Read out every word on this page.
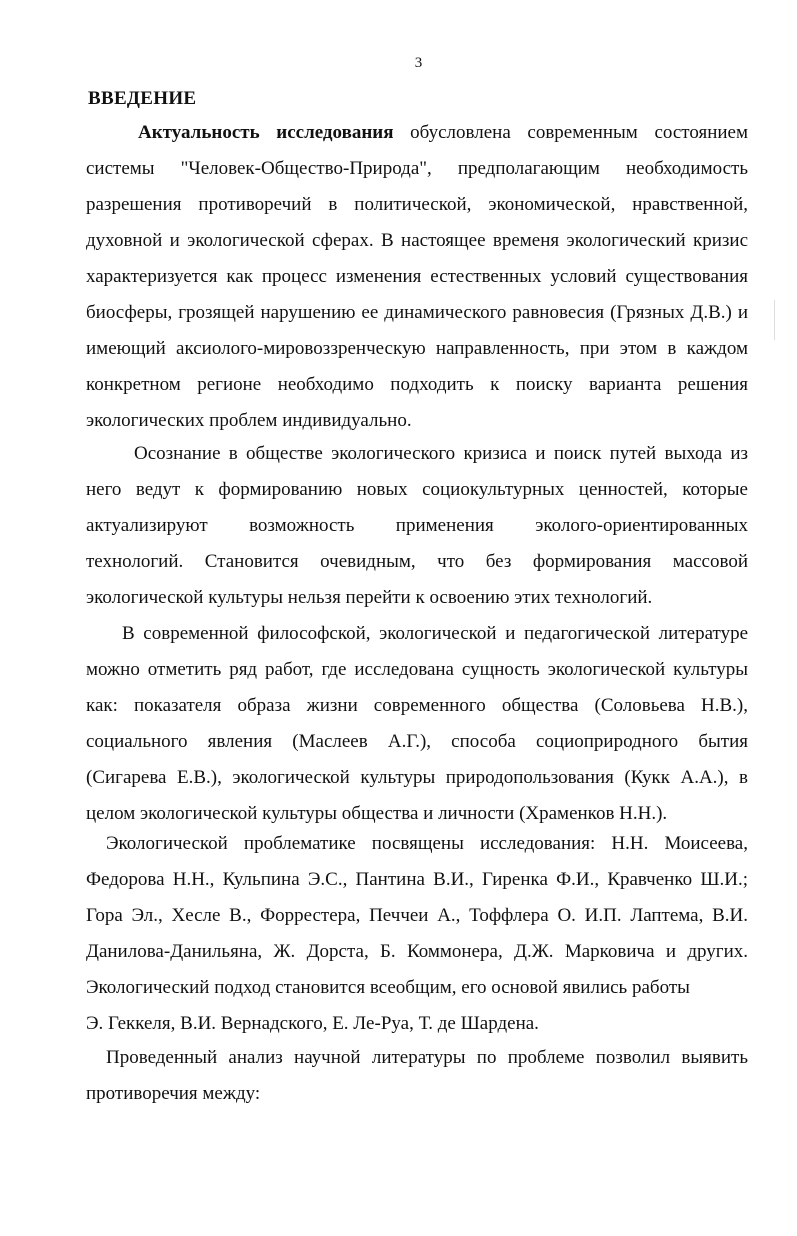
3
ВВЕДЕНИЕ
Актуальность исследования обусловлена современным состоянием
системы "Человек-Общество-Природа", предполагающим необходимость
разрешения противоречий в политической, экономической, нравственной,
духовной и экологической сферах. В настоящее временя экологический кризис
характеризуется как процесс изменения естественных условий существования
биосферы, грозящей нарушению ее динамического равновесия (Грязных Д.В.) и
имеющий аксиолого-мировоззренческую направленность, при этом в каждом
конкретном регионе необходимо подходить к поиску варианта решения
экологических проблем индивидуально.
Осознание в обществе экологического кризиса и поиск путей выхода из
него ведут к формированию новых социокультурных ценностей, которые
актуализируют возможность применения эколого-ориентированных
технологий. Становится очевидным, что без формирования массовой
экологической культуры нельзя перейти к освоению этих технологий.
В современной философской, экологической и педагогической литературе
можно отметить ряд работ, где исследована сущность экологической культуры
как: показателя образа жизни современного общества (Соловьева Н.В.),
социального явления (Маслеев А.Г.), способа социоприродного бытия
(Сигарева Е.В.), экологической культуры природопользования (Кукк А.А.), в
целом экологической культуры общества и личности (Храменков Н.Н.).
Экологической проблематике посвящены исследования: Н.Н. Моисеева,
Федорова Н.Н., Кульпина Э.С., Пантина В.И., Гиренка Ф.И., Кравченко Ш.И.;
Гора Эл., Хесле В., Форрестера, Печчеи А., Тоффлера О. И.П. Лаптема, В.И.
Данилова-Данильяна, Ж. Дорста, Б. Коммонера, Д.Ж. Марковича и других.
Экологический подход становится всеобщим, его основой явились работы
Э. Геккеля, В.И. Вернадского, Е. Ле-Руа, Т. де Шардена.
Проведенный анализ научной литературы по проблеме позволил выявить
противоречия между:
